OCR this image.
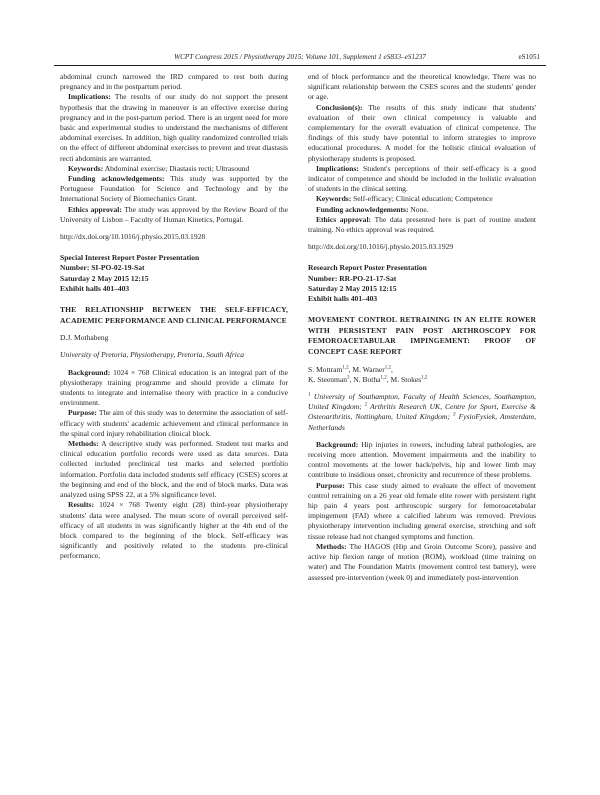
WCPT Congress 2015 / Physiotherapy 2015; Volume 101, Supplement 1 eS833–eS1237	eS1051

abdominal crunch narrowed the IRD compared to rest both during pregnancy and in the postpartum period.

Implications: The results of our study do not support the present hypothesis that the drawing in maneuver is an effective exercise during pregnancy and in the post-partum period. There is an urgent need for more basic and experimental studies to understand the mechanisms of different abdominal exercises. In addition, high quality randomized controlled trials on the effect of different abdominal exercises to prevent and treat diastasis recti abdominis are warranted.

Keywords: Abdominal exercise; Diastasis recti; Ultrasound

Funding acknowledgements: This study was supported by the Portuguese Foundation for Science and Technology and by the International Society of Biomechanics Grant.

Ethics approval: The study was approved by the Review Board of the University of Lisbon – Faculty of Human Kinetics, Portugal.

http://dx.doi.org/10.1016/j.physio.2015.03.1928

Special Interest Report Poster Presentation

Number: SI-PO-02-19-Sat

Saturday 2 May 2015 12:15

Exhibit halls 401–403

THE RELATIONSHIP BETWEEN THE SELF-EFFICACY, ACADEMIC PERFORMANCE AND CLINICAL PERFORMANCE

D.J. Mothabeng

University of Pretoria, Physiotherapy, Pretoria, South Africa

Background: 1024 × 768 Clinical education is an integral part of the physiotherapy training programme and should provide a climate for students to integrate and internalise theory with practice in a conducive environment.

Purpose: The aim of this study was to determine the association of self-efficacy with students' academic achievement and clinical performance in the spinal cord injury rehabilitation clinical block.

Methods: A descriptive study was performed. Student test marks and clinical education portfolio records were used as data sources. Data collected included preclinical test marks and selected portfolio information. Portfolio data included students self efficacy (CSES) scores at the beginning and end of the block, and the end of block marks. Data was analyzed using SPSS 22, at a 5% significance level.

Results: 1024 × 768 Twenty eight (28) third-year physiotherapy students' data were analysed. The mean score of overall perceived self-efficacy of all students in was significantly higher at the 4th end of the block compared to the beginning of the block. Self-efficacy was significantly and positively related to the students pre-clinical performance,

end of block performance and the theoretical knowledge. There was no significant relationship between the CSES scores and the students' gender or age.

Conclusion(s): The results of this study indicate that students' evaluation of their own clinical competency is valuable and complementary for the overall evaluation of clinical competence. The findings of this study have potential to inform strategies to improve educational procedures. A model for the holistic clinical evaluation of physiotherapy students is proposed.

Implications: Student's perceptions of their self-efficacy is a good indicator of competence and should be included in the holistic evaluation of students in the clinical setting.

Keywords: Self-efficacy; Clinical education; Competence

Funding acknowledgements: None.

Ethics approval: The data presented here is part of routine student training. No ethics approval was required.

http://dx.doi.org/10.1016/j.physio.2015.03.1929

Research Report Poster Presentation

Number: RR-PO-21-17-Sat

Saturday 2 May 2015 12:15

Exhibit halls 401–403

MOVEMENT CONTROL RETRAINING IN AN ELITE ROWER WITH PERSISTENT PAIN POST ARTHROSCOPY FOR FEMOROACETABULAR IMPINGEMENT: PROOF OF CONCEPT CASE REPORT

S. Mottram$^{1,2}$, M. Warner$^{1,2}$,
K. Steenman$^3$, N. Botha$^{1,2}$, M. Stokes$^{1,2}$

$^1$ University of Southampton, Faculty of Health Sciences, Southampton, United Kingdom; $^2$ Arthritis Research UK, Centre for Sport, Exercise & Osteoarthritis, Nottingham, United Kingdom; $^3$ FysioFysiek, Amsterdam, Netherlands

Background: Hip injuries in rowers, including labral pathologies, are receiving more attention. Movement impairments and the inability to control movements at the lower back/pelvis, hip and lower limb may contribute to insidious onset, chronicity and recurrence of these problems.

Purpose: This case study aimed to evaluate the effect of movement control retraining on a 26 year old female elite rower with persistent right hip pain 4 years post arthroscopic surgery for femoroacetabular impingement (FAI) where a calcified labrum was removed. Previous physiotherapy intervention including general exercise, stretching and soft tissue release had not changed symptoms and function.

Methods: The HAGOS (Hip and Groin Outcome Score), passive and active hip flexion range of motion (ROM), workload (time training on water) and The Foundation Matrix (movement control test battery), were assessed pre-intervention (week 0) and immediately post-intervention
